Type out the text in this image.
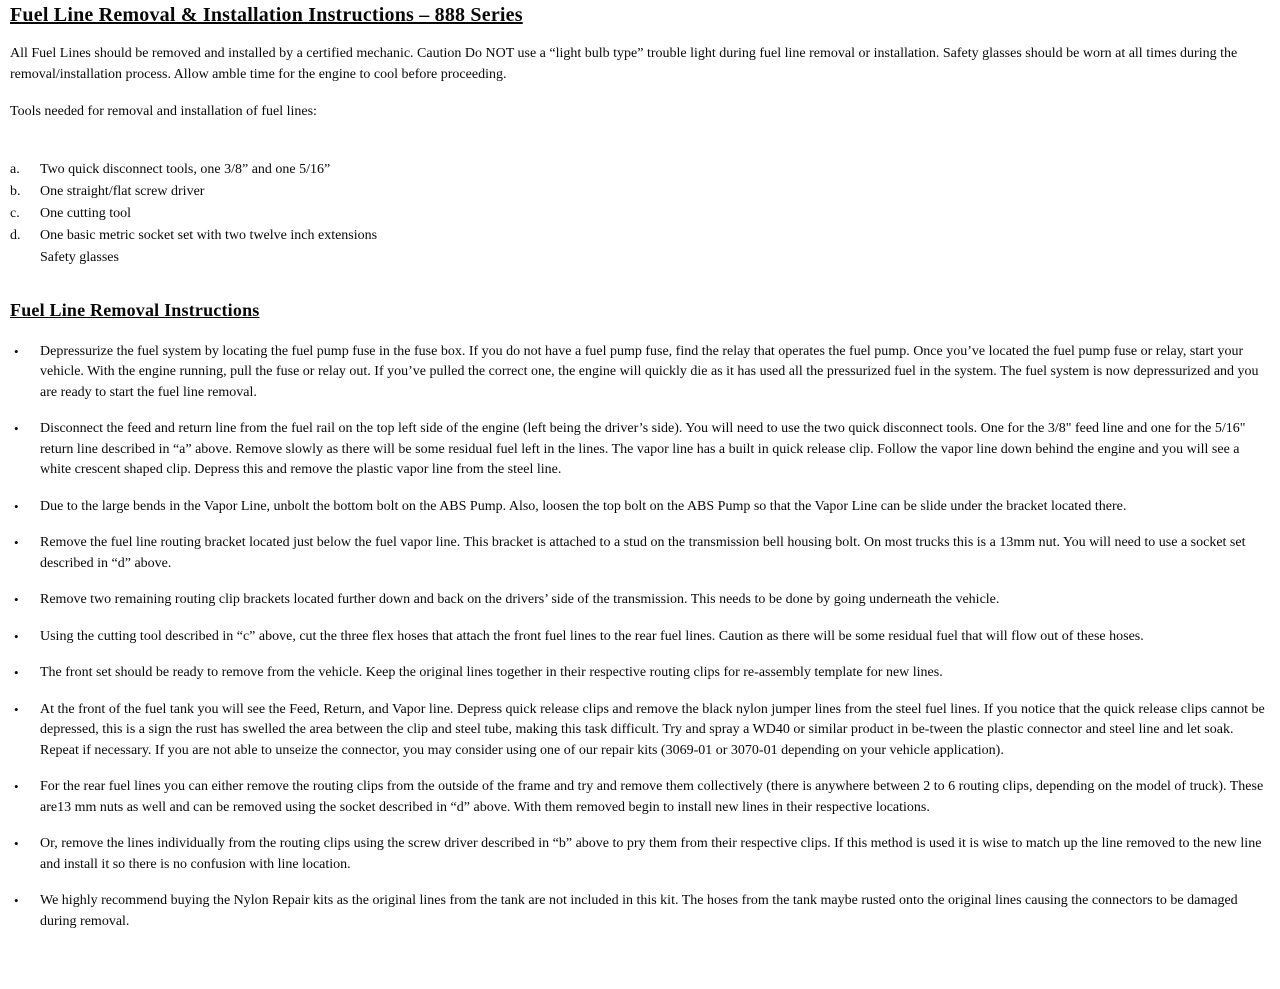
Fuel Line Removal & Installation Instructions – 888 Series

All Fuel Lines should be removed and installed by a certified mechanic. Caution Do NOT use a “light bulb type” trouble light during fuel line removal or installation. Safety glasses should be worn at all times during the removal/installation process. Allow amble time for the engine to cool before proceeding.

Tools needed for removal and installation of fuel lines:

a.	Two quick disconnect tools, one 3/8” and one 5/16”
b.	One straight/flat screw driver
c.	One cutting tool
d.	One basic metric socket set with two twelve inch extensions
Safety glasses
Fuel Line Removal Instructions
•	Depressurize the fuel system by locating the fuel pump fuse in the fuse box. If you do not have a fuel pump fuse, find the relay that operates the fuel pump. Once you’ve located the fuel pump fuse or relay, start your vehicle. With the engine running, pull the fuse or relay out. If you’ve pulled the correct one, the engine will quickly die as it has used all the pressurized fuel in the system. The fuel system is now depressurized and you are ready to start the fuel line removal.
•	Disconnect the feed and return line from the fuel rail on the top left side of the engine (left being the driver’s side). You will need to use the two quick disconnect tools. One for the 3/8" feed line and one for the 5/16" return line described in “a” above. Remove slowly as there will be some residual fuel left in the lines. The vapor line has a built in quick release clip. Follow the vapor line down behind the engine and you will see a white crescent shaped clip. Depress this and remove the plastic vapor line from the steel line.
•	Due to the large bends in the Vapor Line, unbolt the bottom bolt on the ABS Pump. Also, loosen the top bolt on the ABS Pump so that the Vapor Line can be slide under the bracket located there.
•	Remove the fuel line routing bracket located just below the fuel vapor line. This bracket is attached to a stud on the transmission bell housing bolt. On most trucks this is a 13mm nut. You will need to use a socket set described in “d” above.
•	Remove two remaining routing clip brackets located further down and back on the drivers’ side of the transmission. This needs to be done by going underneath the vehicle.
•	Using the cutting tool described in “c” above, cut the three flex hoses that attach the front fuel lines to the rear fuel lines. Caution as there will be some residual fuel that will flow out of these hoses.
•	The front set should be ready to remove from the vehicle. Keep the original lines together in their respective routing clips for re-assembly template for new lines.
•	At the front of the fuel tank you will see the Feed, Return, and Vapor line. Depress quick release clips and remove the black nylon jumper lines from the steel fuel lines. If you notice that the quick release clips cannot be depressed, this is a sign the rust has swelled the area between the clip and steel tube, making this task difficult. Try and spray a WD40 or similar product in be-tween the plastic connector and steel line and let soak. Repeat if necessary. If you are not able to unseize the connector, you may consider using one of our repair kits (3069-01 or 3070-01 depending on your vehicle application).
•	For the rear fuel lines you can either remove the routing clips from the outside of the frame and try and remove them collectively (there is anywhere between 2 to 6 routing clips, depending on the model of truck). These are13 mm nuts as well and can be removed using the socket described in “d” above. With them removed begin to install new lines in their respective locations.
•	Or, remove the lines individually from the routing clips using the screw driver described in “b” above to pry them from their respective clips. If this method is used it is wise to match up the line removed to the new line and install it so there is no confusion with line location.
•	We highly recommend buying the Nylon Repair kits as the original lines from the tank are not included in this kit. The hoses from the tank maybe rusted onto the original lines causing the connectors to be damaged during removal.
